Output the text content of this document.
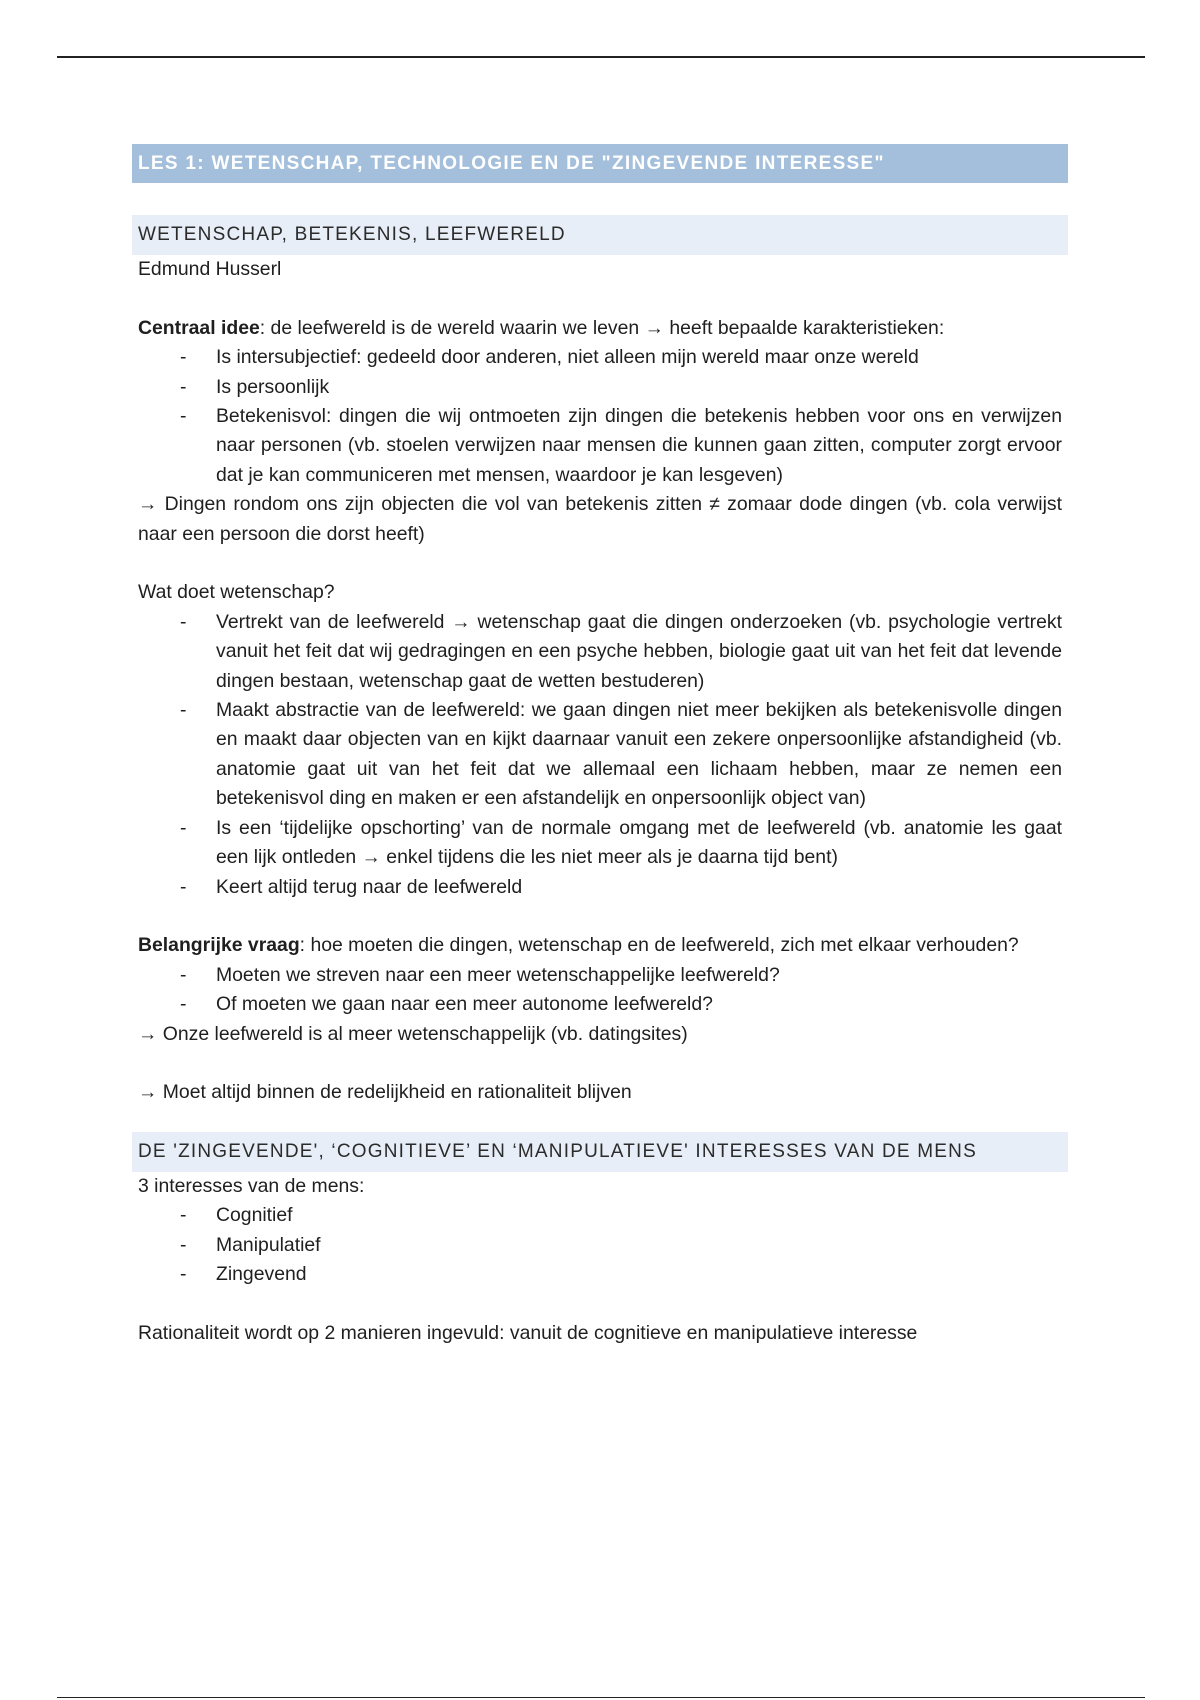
LES 1: WETENSCHAP, TECHNOLOGIE EN DE "ZINGEVENDE INTERESSE"
WETENSCHAP, BETEKENIS, LEEFWERELD

Edmund Husserl

Centraal idee: de leefwereld is de wereld waarin we leven → heeft bepaalde karakteristieken:

- Is intersubjectief: gedeeld door anderen, niet alleen mijn wereld maar onze wereld
- Is persoonlijk
- Betekenisvol: dingen die wij ontmoeten zijn dingen die betekenis hebben voor ons en verwijzen naar personen (vb. stoelen verwijzen naar mensen die kunnen gaan zitten, computer zorgt ervoor dat je kan communiceren met mensen, waardoor je kan lesgeven)

→ Dingen rondom ons zijn objecten die vol van betekenis zitten ≠ zomaar dode dingen (vb. cola verwijst naar een persoon die dorst heeft)

Wat doet wetenschap?

- Vertrekt van de leefwereld → wetenschap gaat die dingen onderzoeken (vb. psychologie vertrekt vanuit het feit dat wij gedragingen en een psyche hebben, biologie gaat uit van het feit dat levende dingen bestaan, wetenschap gaat de wetten bestuderen)
- Maakt abstractie van de leefwereld: we gaan dingen niet meer bekijken als betekenisvolle dingen en maakt daar objecten van en kijkt daarnaar vanuit een zekere onpersoonlijke afstandigheid (vb. anatomie gaat uit van het feit dat we allemaal een lichaam hebben, maar ze nemen een betekenisvol ding en maken er een afstandelijk en onpersoonlijk object van)
- Is een ‘tijdelijke opschorting’ van de normale omgang met de leefwereld (vb. anatomie les gaat een lijk ontleden → enkel tijdens die les niet meer als je daarna tijd bent)
- Keert altijd terug naar de leefwereld

Belangrijke vraag: hoe moeten die dingen, wetenschap en de leefwereld, zich met elkaar verhouden?

- Moeten we streven naar een meer wetenschappelijke leefwereld?
- Of moeten we gaan naar een meer autonome leefwereld?

→ Onze leefwereld is al meer wetenschappelijk (vb. datingsites)

→ Moet altijd binnen de redelijkheid en rationaliteit blijven

DE 'ZINGEVENDE', ‘COGNITIEVE’ EN ‘MANIPULATIEVE' INTERESSES VAN DE MENS

3 interesses van de mens:

- Cognitief
- Manipulatief
- Zingevend

Rationaliteit wordt op 2 manieren ingevuld: vanuit de cognitieve en manipulatieve interesse
